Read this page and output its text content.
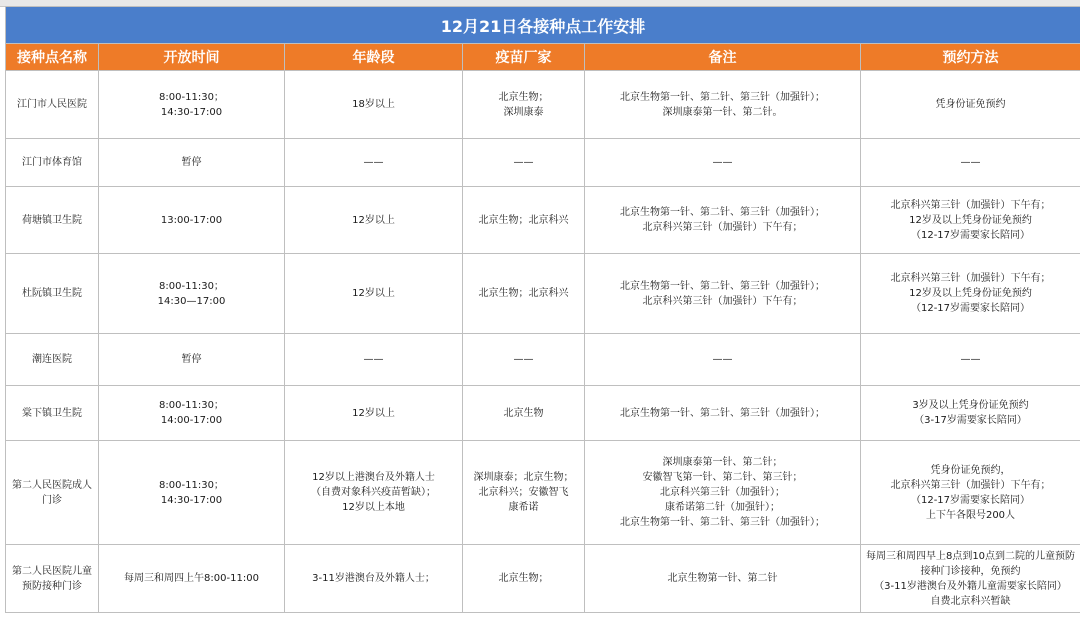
12月21日各接种点工作安排					
接种点名称	开放时间	年龄段	疫苗厂家	备注	预约方法
江门市人民医院	8:00-11:30；
14:30-17:00	18岁以上	北京生物；
深圳康泰	北京生物第一针、第二针、第三针（加强针）；
深圳康泰第一针、第二针。	凭身份证免预约
江门市体育馆	暂停	——	——	——	——
荷塘镇卫生院	13:00-17:00	12岁以上	北京生物；北京科兴	北京生物第一针、第二针、第三针（加强针）；
北京科兴第三针（加强针）下午有；	北京科兴第三针（加强针）下午有；
12岁及以上凭身份证免预约
（12-17岁需要家长陪同）
杜阮镇卫生院	8:00-11:30；
14:30—17:00	12岁以上	北京生物；北京科兴	北京生物第一针、第二针、第三针（加强针）；
北京科兴第三针（加强针）下午有；	北京科兴第三针（加强针）下午有；
12岁及以上凭身份证免预约
（12-17岁需要家长陪同）
潮连医院	暂停	——	——	——	——
棠下镇卫生院	8:00-11:30；
14:00-17:00	12岁以上	北京生物	北京生物第一针、第二针、第三针（加强针）；	3岁及以上凭身份证免预约
（3-17岁需要家长陪同）
第二人民医院成人门诊	8:00-11:30；
14:30-17:00	12岁以上港澳台及外籍人士
（自费对象科兴疫苗暂缺）；
12岁以上本地	深圳康泰；北京生物；
北京科兴；安徽智飞
康希诺	深圳康泰第一针、第二针；
安徽智飞第一针、第二针、第三针；
北京科兴第三针（加强针）；
康希诺第二针（加强针）；
北京生物第一针、第二针、第三针（加强针）；	凭身份证免预约，
北京科兴第三针（加强针）下午有；
（12-17岁需要家长陪同）
上下午各限号200人
第二人民医院儿童预防接种门诊	每周三和周四上午8:00-11:00	3-11岁港澳台及外籍人士；	北京生物；	北京生物第一针、第二针	每周三和周四早上8点到10点到二院的儿童预防接种门诊接种，免预约
（3-11岁港澳台及外籍儿童需要家长陪同）
自费北京科兴暂缺
